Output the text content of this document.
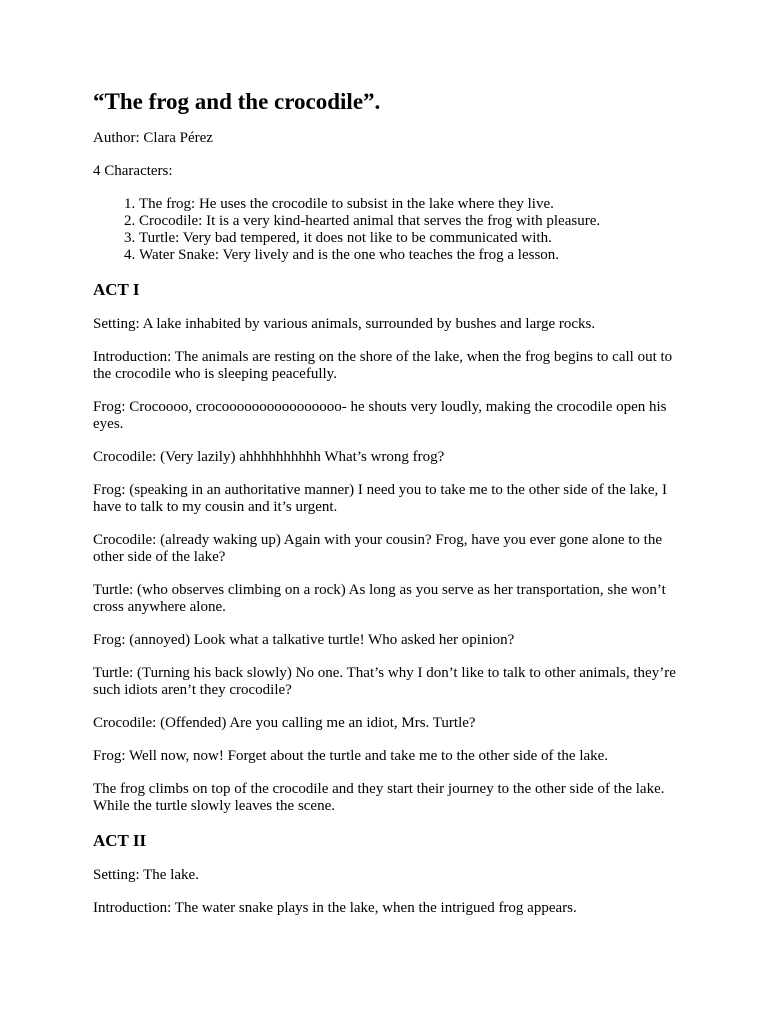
“The frog and the crocodile”.

Author: Clara Pérez

4 Characters:

1. The frog: He uses the crocodile to subsist in the lake where they live.
2. Crocodile: It is a very kind-hearted animal that serves the frog with pleasure.
3. Turtle: Very bad tempered, it does not like to be communicated with.
4. Water Snake: Very lively and is the one who teaches the frog a lesson.
ACT I

Setting: A lake inhabited by various animals, surrounded by bushes and large rocks.

Introduction: The animals are resting on the shore of the lake, when the frog begins to call out to the crocodile who is sleeping peacefully.

Frog: Crocoooo, crocoooooooooooooooo- he shouts very loudly, making the crocodile open his eyes.

Crocodile: (Very lazily) ahhhhhhhhhh What’s wrong frog?

Frog: (speaking in an authoritative manner) I need you to take me to the other side of the lake, I have to talk to my cousin and it’s urgent.

Crocodile: (already waking up) Again with your cousin? Frog, have you ever gone alone to the other side of the lake?

Turtle: (who observes climbing on a rock) As long as you serve as her transportation, she won’t cross anywhere alone.

Frog: (annoyed) Look what a talkative turtle! Who asked her opinion?

Turtle: (Turning his back slowly) No one. That’s why I don’t like to talk to other animals, they’re such idiots aren’t they crocodile?

Crocodile: (Offended) Are you calling me an idiot, Mrs. Turtle?

Frog: Well now, now! Forget about the turtle and take me to the other side of the lake.

The frog climbs on top of the crocodile and they start their journey to the other side of the lake. While the turtle slowly leaves the scene.

ACT II

Setting: The lake.

Introduction: The water snake plays in the lake, when the intrigued frog appears.
